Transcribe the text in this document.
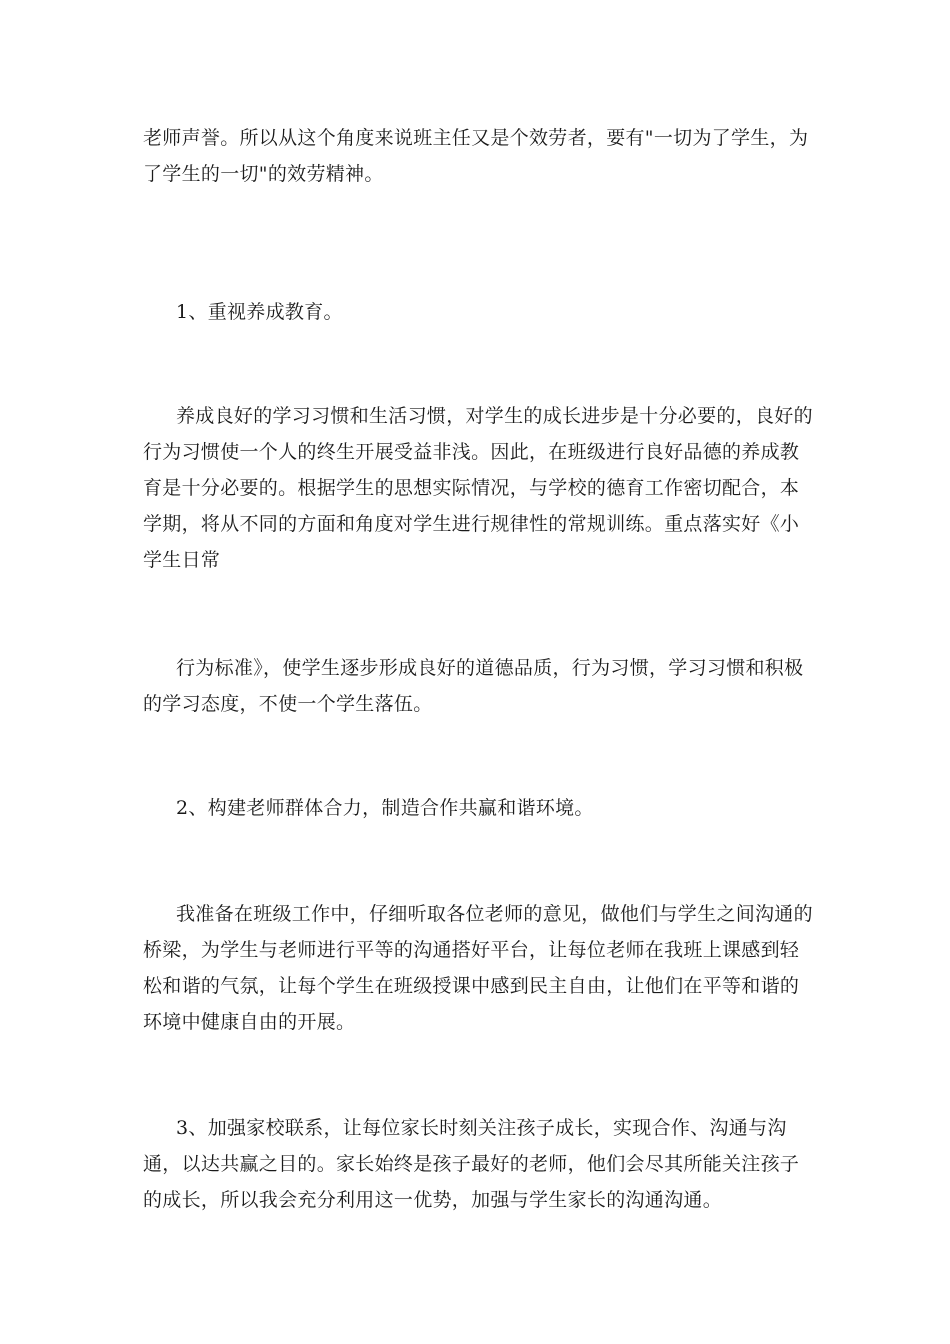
老师声誉。所以从这个角度来说班主任又是个效劳者，要有"一切为了学生，为了学生的一切"的效劳精神。

1、重视养成教育。

养成良好的学习习惯和生活习惯，对学生的成长进步是十分必要的，良好的行为习惯使一个人的终生开展受益非浅。因此，在班级进行良好品德的养成教育是十分必要的。根据学生的思想实际情况，与学校的德育工作密切配合，本学期，将从不同的方面和角度对学生进行规律性的常规训练。重点落实好《小学生日常

行为标准》，使学生逐步形成良好的道德品质，行为习惯，学习习惯和积极的学习态度，不使一个学生落伍。

2、构建老师群体合力，制造合作共赢和谐环境。

我准备在班级工作中，仔细听取各位老师的意见，做他们与学生之间沟通的桥梁，为学生与老师进行平等的沟通搭好平台，让每位老师在我班上课感到轻松和谐的气氛，让每个学生在班级授课中感到民主自由，让他们在平等和谐的环境中健康自由的开展。

3、加强家校联系，让每位家长时刻关注孩子成长，实现合作、沟通与沟通，以达共赢之目的。家长始终是孩子最好的老师，他们会尽其所能关注孩子的成长，所以我会充分利用这一优势，加强与学生家长的沟通沟通。
